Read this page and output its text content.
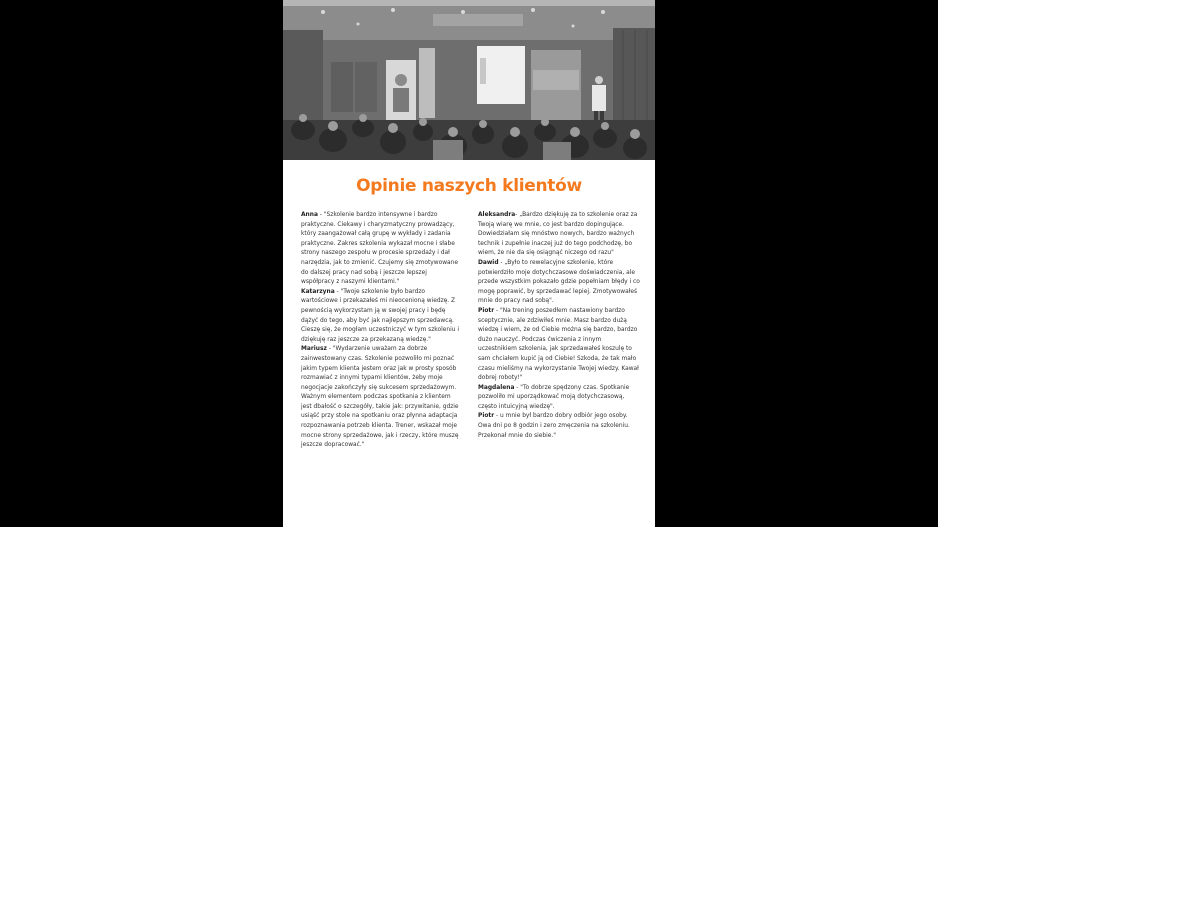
Opinie naszych klientów

Anna - "Szkolenie bardzo intensywne i bardzo praktyczne. Ciekawy i charyzmatyczny prowadzący, który zaangażował całą grupę w wykłady i zadania praktyczne. Zakres szkolenia wykazał mocne i słabe strony naszego zespołu w procesie sprzedaży i dał narzędzia, jak to zmienić. Czujemy się zmotywowane do dalszej pracy nad sobą i jeszcze lepszej współpracy z naszymi klientami."

Katarzyna - "Twoje szkolenie było bardzo wartościowe i przekazałeś mi nieocenioną wiedzę. Z pewnością wykorzystam ją w swojej pracy i będę dążyć do tego, aby być jak najlepszym sprzedawcą. Cieszę się, że mogłam uczestniczyć w tym szkoleniu i dziękuję raz jeszcze za przekazaną wiedzę."

Mariusz - "Wydarzenie uważam za dobrze zainwestowany czas. Szkolenie pozwoliło mi poznać jakim typem klienta jestem oraz jak w prosty sposób rozmawiać z innymi typami klientów, żeby moje negocjacje zakończyły się sukcesem sprzedażowym. Ważnym elementem podczas spotkania z klientem jest dbałość o szczegóły, takie jak: przywitanie, gdzie usiąść przy stole na spotkaniu oraz płynna adaptacja rozpoznawania potrzeb klienta. Trener, wskazał moje mocne strony sprzedażowe, jak i rzeczy, które muszę jeszcze dopracować."

Aleksandra- „Bardzo dziękuję za to szkolenie oraz za Twoją wiarę we mnie, co jest bardzo dopingujące. Dowiedziałam się mnóstwo nowych, bardzo ważnych technik i zupełnie inaczej już do tego podchodzę, bo wiem, że nie da się osiągnąć niczego od razu"

Dawid - „Było to rewelacyjne szkolenie, które potwierdziło moje dotychczasowe doświadczenia, ale przede wszystkim pokazało gdzie popełniam błędy i co mogę poprawić, by sprzedawać lepiej. Zmotywowałeś mnie do pracy nad sobą".

Piotr - "Na trening poszedłem nastawiony bardzo sceptycznie, ale zdziwiłeś mnie. Masz bardzo dużą wiedzę i wiem, że od Ciebie można się bardzo, bardzo dużo nauczyć. Podczas ćwiczenia z innym uczestnikiem szkolenia, jak sprzedawałeś koszulę to sam chciałem kupić ją od Ciebie! Szkoda, że tak mało czasu mieliśmy na wykorzystanie Twojej wiedzy. Kawał dobrej roboty!"

Magdalena - "To dobrze spędzony czas. Spotkanie pozwoliło mi uporządkować moją dotychczasową, często intuicyjną wiedzę".

Piotr - u mnie był bardzo dobry odbiór jego osoby. Owa dni po 8 godzin i zero zmęczenia na szkoleniu. Przekonał mnie do siebie."
